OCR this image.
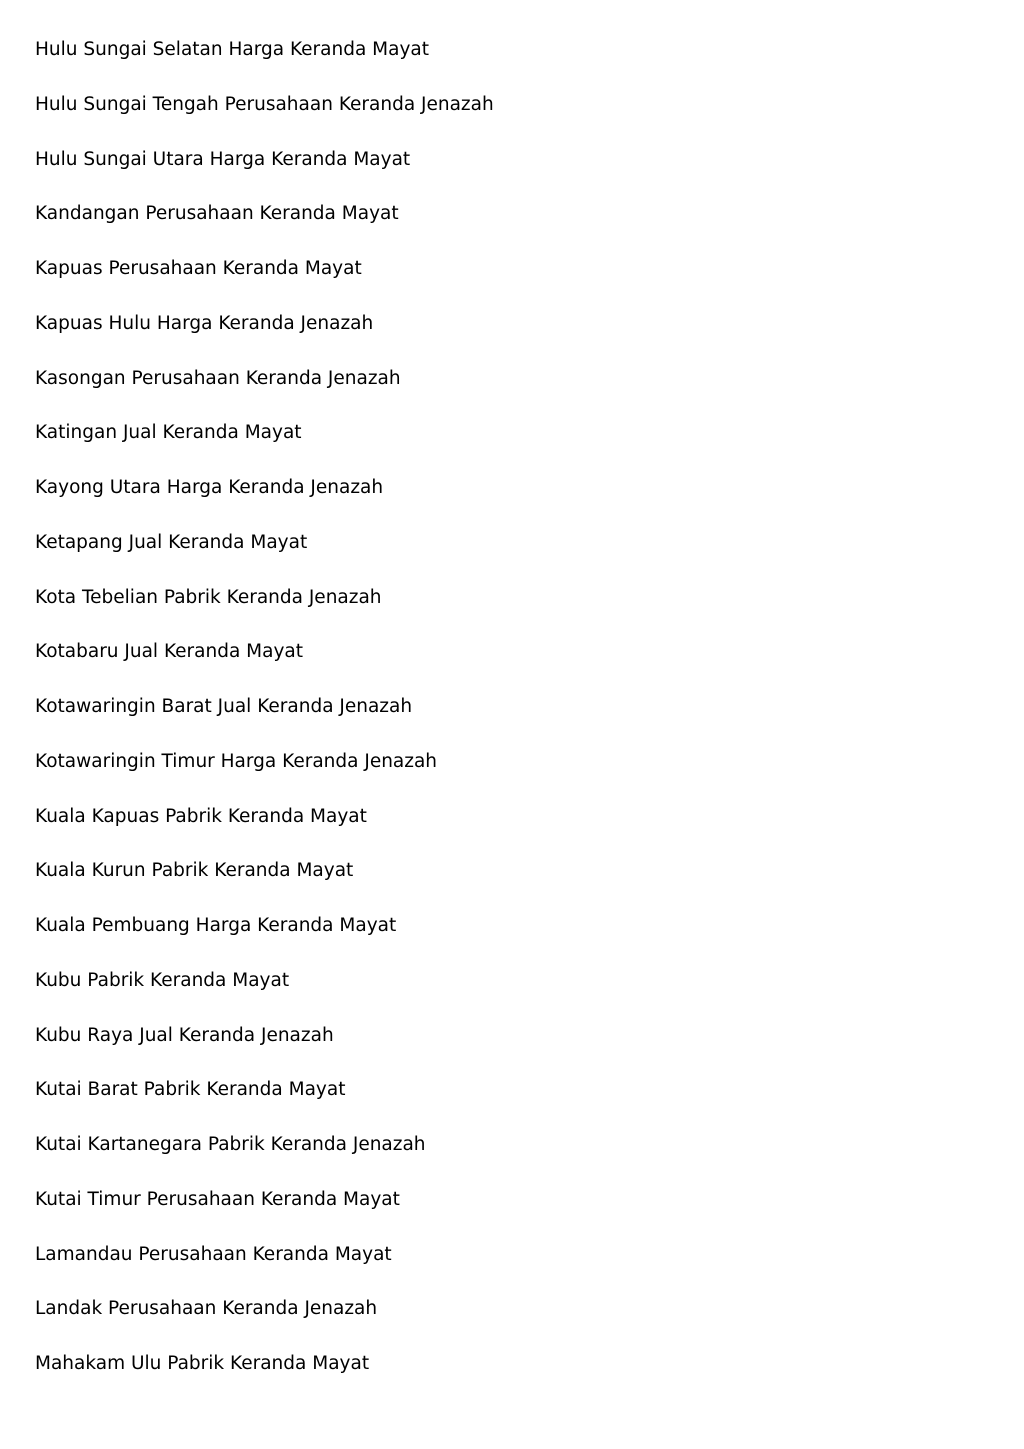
Hulu Sungai Selatan Harga Keranda Mayat
Hulu Sungai Tengah Perusahaan Keranda Jenazah
Hulu Sungai Utara Harga Keranda Mayat
Kandangan Perusahaan Keranda Mayat
Kapuas Perusahaan Keranda Mayat
Kapuas Hulu Harga Keranda Jenazah
Kasongan Perusahaan Keranda Jenazah
Katingan Jual Keranda Mayat
Kayong Utara Harga Keranda Jenazah
Ketapang Jual Keranda Mayat
Kota Tebelian Pabrik Keranda Jenazah
Kotabaru Jual Keranda Mayat
Kotawaringin Barat Jual Keranda Jenazah
Kotawaringin Timur Harga Keranda Jenazah
Kuala Kapuas Pabrik Keranda Mayat
Kuala Kurun Pabrik Keranda Mayat
Kuala Pembuang Harga Keranda Mayat
Kubu Pabrik Keranda Mayat
Kubu Raya Jual Keranda Jenazah
Kutai Barat Pabrik Keranda Mayat
Kutai Kartanegara Pabrik Keranda Jenazah
Kutai Timur Perusahaan Keranda Mayat
Lamandau Perusahaan Keranda Mayat
Landak Perusahaan Keranda Jenazah
Mahakam Ulu Pabrik Keranda Mayat
